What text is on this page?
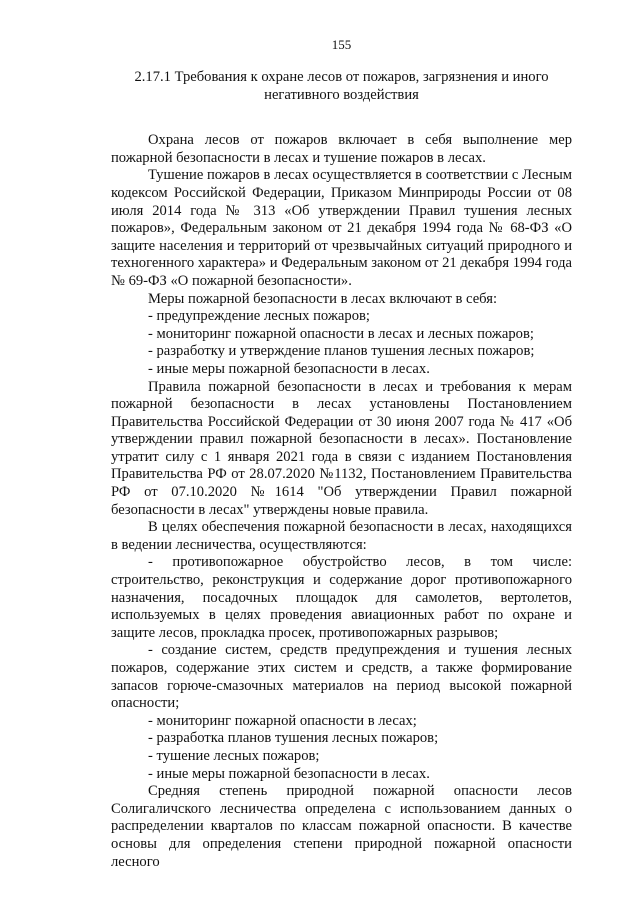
155
2.17.1 Требования к охране лесов от пожаров, загрязнения и иного
негативного воздействия

Охрана лесов от пожаров включает в себя выполнение мер пожарной безопасности в лесах и тушение пожаров в лесах.

Тушение пожаров в лесах осуществляется в соответствии с Лесным кодексом Российской Федерации, Приказом Минприроды России от 08 июля 2014 года № 313 «Об утверждении Правил тушения лесных пожаров», Федеральным законом от 21 декабря 1994 года № 68-ФЗ «О защите населения и территорий от чрезвычайных ситуаций природного и техногенного характера» и Федеральным законом от 21 декабря 1994 года № 69-ФЗ «О пожарной безопасности».

Меры пожарной безопасности в лесах включают в себя:

- предупреждение лесных пожаров;

- мониторинг пожарной опасности в лесах и лесных пожаров;

- разработку и утверждение планов тушения лесных пожаров;

- иные меры пожарной безопасности в лесах.

Правила пожарной безопасности в лесах и требования к мерам пожарной безопасности в лесах установлены Постановлением Правительства Российской Федерации от 30 июня 2007 года № 417 «Об утверждении правил пожарной безопасности в лесах». Постановление утратит силу с 1 января 2021 года в связи с изданием Постановления Правительства РФ от 28.07.2020 №1132, Постановлением Правительства РФ от 07.10.2020 №1614 "Об утверждении Правил пожарной безопасности в лесах" утверждены новые правила.

В целях обеспечения пожарной безопасности в лесах, находящихся в ведении лесничества, осуществляются:

- противопожарное обустройство лесов, в том числе: строительство, реконструкция и содержание дорог противопожарного назначения, посадочных площадок для самолетов, вертолетов, используемых в целях проведения авиационных работ по охране и защите лесов, прокладка просек, противопожарных разрывов;

- создание систем, средств предупреждения и тушения лесных пожаров, содержание этих систем и средств, а также формирование запасов горюче-смазочных материалов на период высокой пожарной опасности;

- мониторинг пожарной опасности в лесах;

- разработка планов тушения лесных пожаров;

- тушение лесных пожаров;

- иные меры пожарной безопасности в лесах.

Средняя степень природной пожарной опасности лесов Солигаличского лесничества определена с использованием данных о распределении кварталов по классам пожарной опасности. В качестве основы для определения степени природной пожарной опасности лесного
